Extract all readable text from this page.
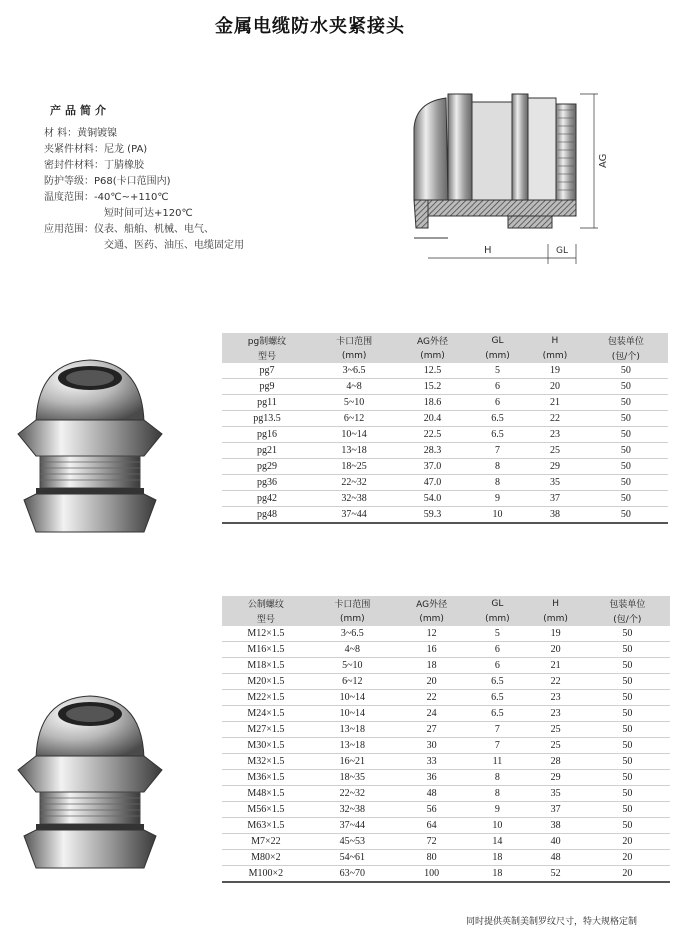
金属电缆防水夹紧接头
产品简介
材 料：黄铜镀镍
夹紧件材料：尼龙 (PA)
密封件材料：丁腈橡胶
防护等级：P68(卡口范围内)
温度范围：-40℃~+110℃
短时间可达+120℃
应用范围：仪表、船舶、机械、电气、
交通、医药、油压、电缆固定用	H	GL
AG
pg制螺纹	卡口范围	AG外径	GL	H	包装单位
型号	(mm)	(mm)	(mm)	(mm)	(包/个)
pg7	3~6.5	12.5	5	19	50
pg9	4~8	15.2	6	20	50
pg11	5~10	18.6	6	21	50
pg13.5	6~12	20.4	6.5	22	50
pg16	10~14	22.5	6.5	23	50
pg21	13~18	28.3	7	25	50
pg29	18~25	37.0	8	29	50
pg36	22~32	47.0	8	35	50
pg42	32~38	54.0	9	37	50
pg48	37~44	59.3	10	38	50
公制螺纹	卡口范围	AG外径	GL	H	包装单位
型号	(mm)	(mm)	(mm)	(mm)	(包/个)
M12×1.5	3~6.5	12	5	19	50
M16×1.5	4~8	16	6	20	50
M18×1.5	5~10	18	6	21	50
M20×1.5	6~12	20	6.5	22	50
M22×1.5	10~14	22	6.5	23	50
M24×1.5	10~14	24	6.5	23	50
M27×1.5	13~18	27	7	25	50
M30×1.5	13~18	30	7	25	50
M32×1.5	16~21	33	11	28	50
M36×1.5	18~35	36	8	29	50
M48×1.5	22~32	48	8	35	50
M56×1.5	32~38	56	9	37	50
M63×1.5	37~44	64	10	38	50
M7×22	45~53	72	14	40	20
M80×2	54~61	80	18	48	20
M100×2	63~70	100	18	52	20
同时提供英制美制罗纹尺寸，特大规格定制
